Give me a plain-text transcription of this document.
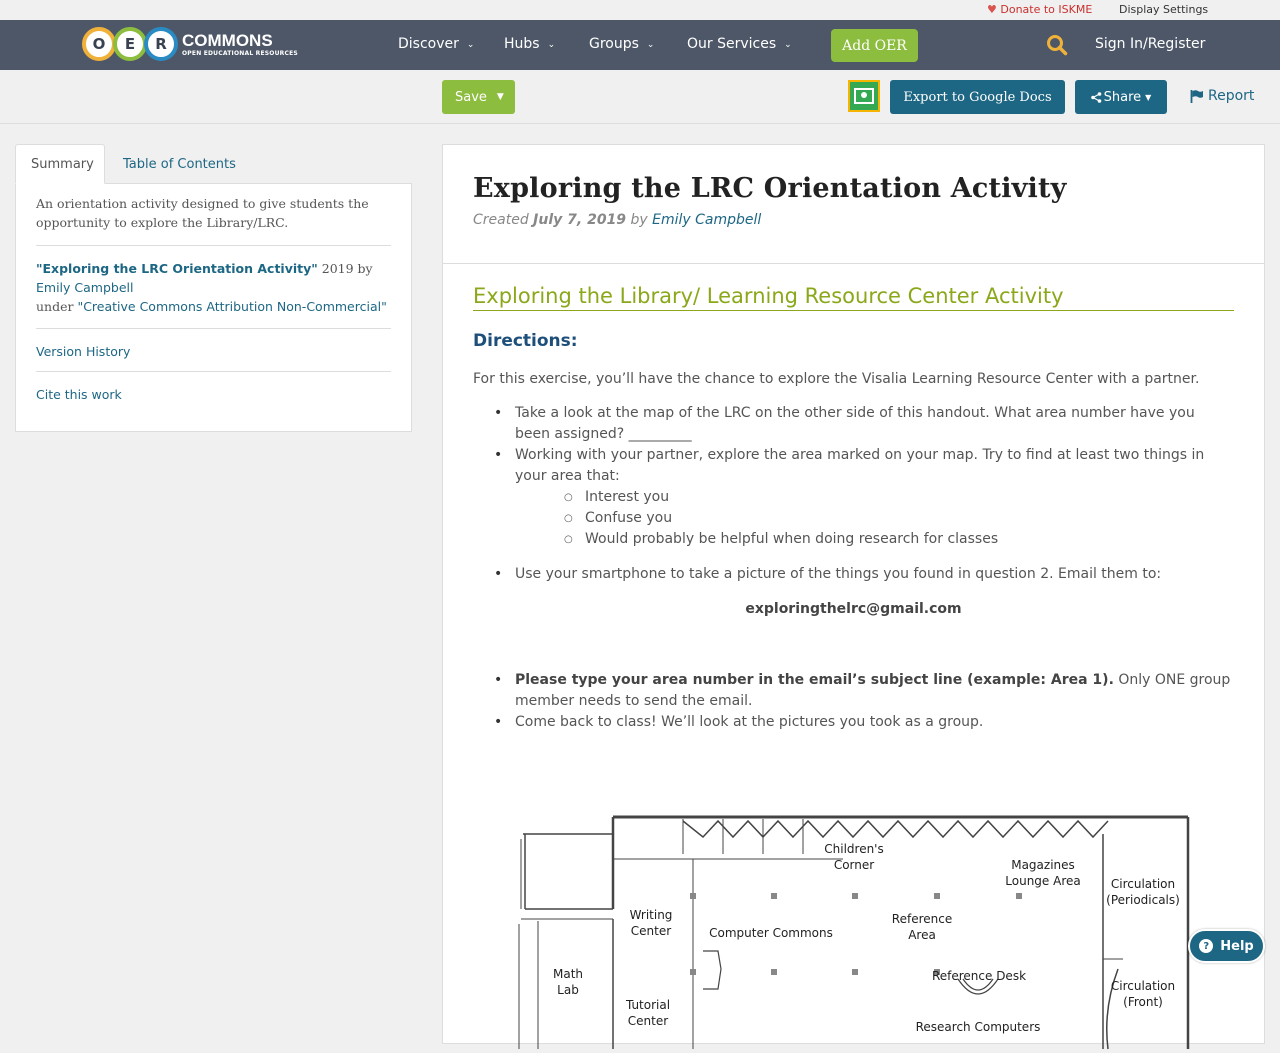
♥ Donate to ISKME Display Settings
O	E	R COMMONS
OPEN EDUCATIONAL RESOURCES
Discover ⌄ Hubs ⌄ Groups ⌄ Our Services ⌄	Add OER	Sign In/Register
Save ▼	Export to Google Docs	Share ▼	Report
Summary	Table of Contents
An orientation activity designed to give students the opportunity to explore the Library/LRC.
"Exploring the LRC Orientation Activity" 2019 by Emily Campbell
under "Creative Commons Attribution Non-Commercial"
Version History
Cite this work
Exploring the LRC Orientation Activity
Created July 7, 2019 by Emily Campbell
Exploring the Library/ Learning Resource Center Activity
Directions:
For this exercise, you’ll have the chance to explore the Visalia Learning Resource Center with a partner.
• Take a look at the map of the LRC on the other side of this handout. What area number have you been assigned? _________
• Working with your partner, explore the area marked on your map. Try to find at least two things in your area that:
○ Interest you
○ Confuse you
○ Would probably be helpful when doing research for classes
• Use your smartphone to take a picture of the things you found in question 2. Email them to:
exploringthelrc@gmail.com
• Please type your area number in the email’s subject line (example: Area 1). Only ONE group member needs to send the email.
• Come back to class! We’ll look at the pictures you took as a group.
Children's
Corner	Magazines
Lounge Area	Circulation
(Periodicals)
Writing
Center	Computer Commons
Reference
Area
Math
Lab
Reference Desk
Circulation
(Front)
Tutorial
Center	Research Computers
? Help
